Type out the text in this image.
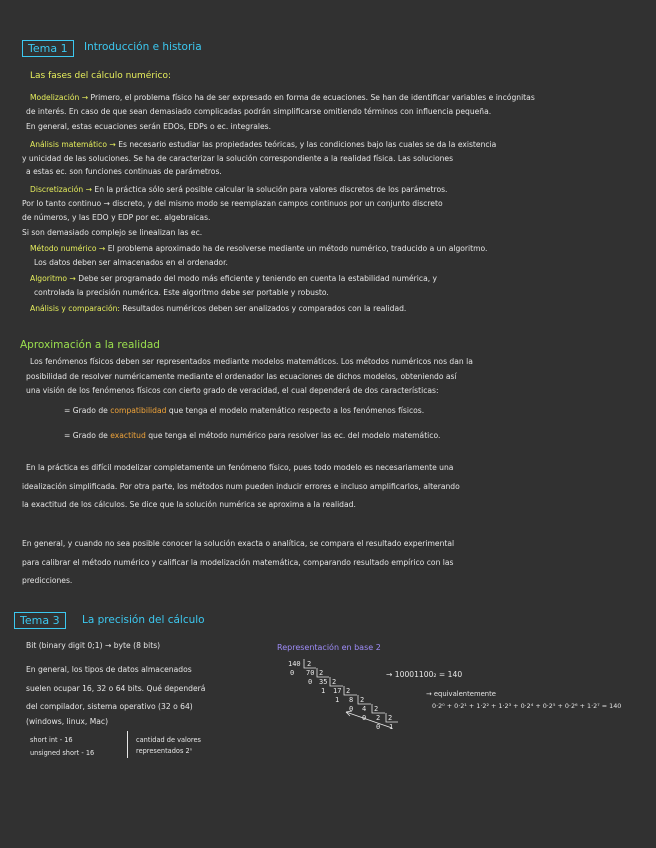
Tema 1	Introducción e historia
Las fases del cálculo numérico:
Modelización → Primero, el problema físico ha de ser expresado en forma de ecuaciones. Se han de identificar variables e incógnitas
de interés. En caso de que sean demasiado complicadas podrán simplificarse omitiendo términos con influencia pequeña.
En general, estas ecuaciones serán EDOs, EDPs o ec. integrales.
Análisis matemático → Es necesario estudiar las propiedades teóricas, y las condiciones bajo las cuales se da la existencia
y unicidad de las soluciones. Se ha de caracterizar la solución correspondiente a la realidad física. Las soluciones
a estas ec. son funciones continuas de parámetros.
Discretización → En la práctica sólo será posible calcular la solución para valores discretos de los parámetros.
Por lo tanto continuo → discreto, y del mismo modo se reemplazan campos continuos por un conjunto discreto
de números, y las EDO y EDP por ec. algebraicas.
Si son demasiado complejo se linealizan las ec.
Método numérico → El problema aproximado ha de resolverse mediante un método numérico, traducido a un algoritmo.
Los datos deben ser almacenados en el ordenador.
Algoritmo → Debe ser programado del modo más eficiente y teniendo en cuenta la estabilidad numérica, y
controlada la precisión numérica. Este algoritmo debe ser portable y robusto.
Análisis y comparación: Resultados numéricos deben ser analizados y comparados con la realidad.
Aproximación a la realidad
Los fenómenos físicos deben ser representados mediante modelos matemáticos. Los métodos numéricos nos dan la
posibilidad de resolver numéricamente mediante el ordenador las ecuaciones de dichos modelos, obteniendo así
una visión de los fenómenos físicos con cierto grado de veracidad, el cual dependerá de dos características:
= Grado de compatibilidad que tenga el modelo matemático respecto a los fenómenos físicos.
= Grado de exactitud que tenga el método numérico para resolver las ec. del modelo matemático.
En la práctica es difícil modelizar completamente un fenómeno físico, pues todo modelo es necesariamente una
idealización simplificada. Por otra parte, los métodos num pueden inducir errores e incluso amplificarlos, alterando
la exactitud de los cálculos. Se dice que la solución numérica se aproxima a la realidad.
En general, y cuando no sea posible conocer la solución exacta o analítica, se compara el resultado experimental
para calibrar el método numérico y calificar la modelización matemática, comparando resultado empírico con las
predicciones.
Tema 3	La precisión del cálculo
Bit (binary digit 0;1) → byte (8 bits)
En general, los tipos de datos almacenados
suelen ocupar 16, 32 o 64 bits. Qué dependerá
del compilador, sistema operativo (32 o 64)
(windows, linux, Mac)
short int - 16
unsigned short - 16
cantidad de valores
representados 2ⁿ
Representación en base 2
140 2
0 70 2
0 35 2
1 17 2
1 8 2
0 4 2
0 2 2
0 1
→ 10001100₂ = 140
→ equivalentemente
0·2⁰ + 0·2¹ + 1·2² + 1·2³ + 0·2⁴ + 0·2⁵ + 0·2⁶ + 1·2⁷ = 140
